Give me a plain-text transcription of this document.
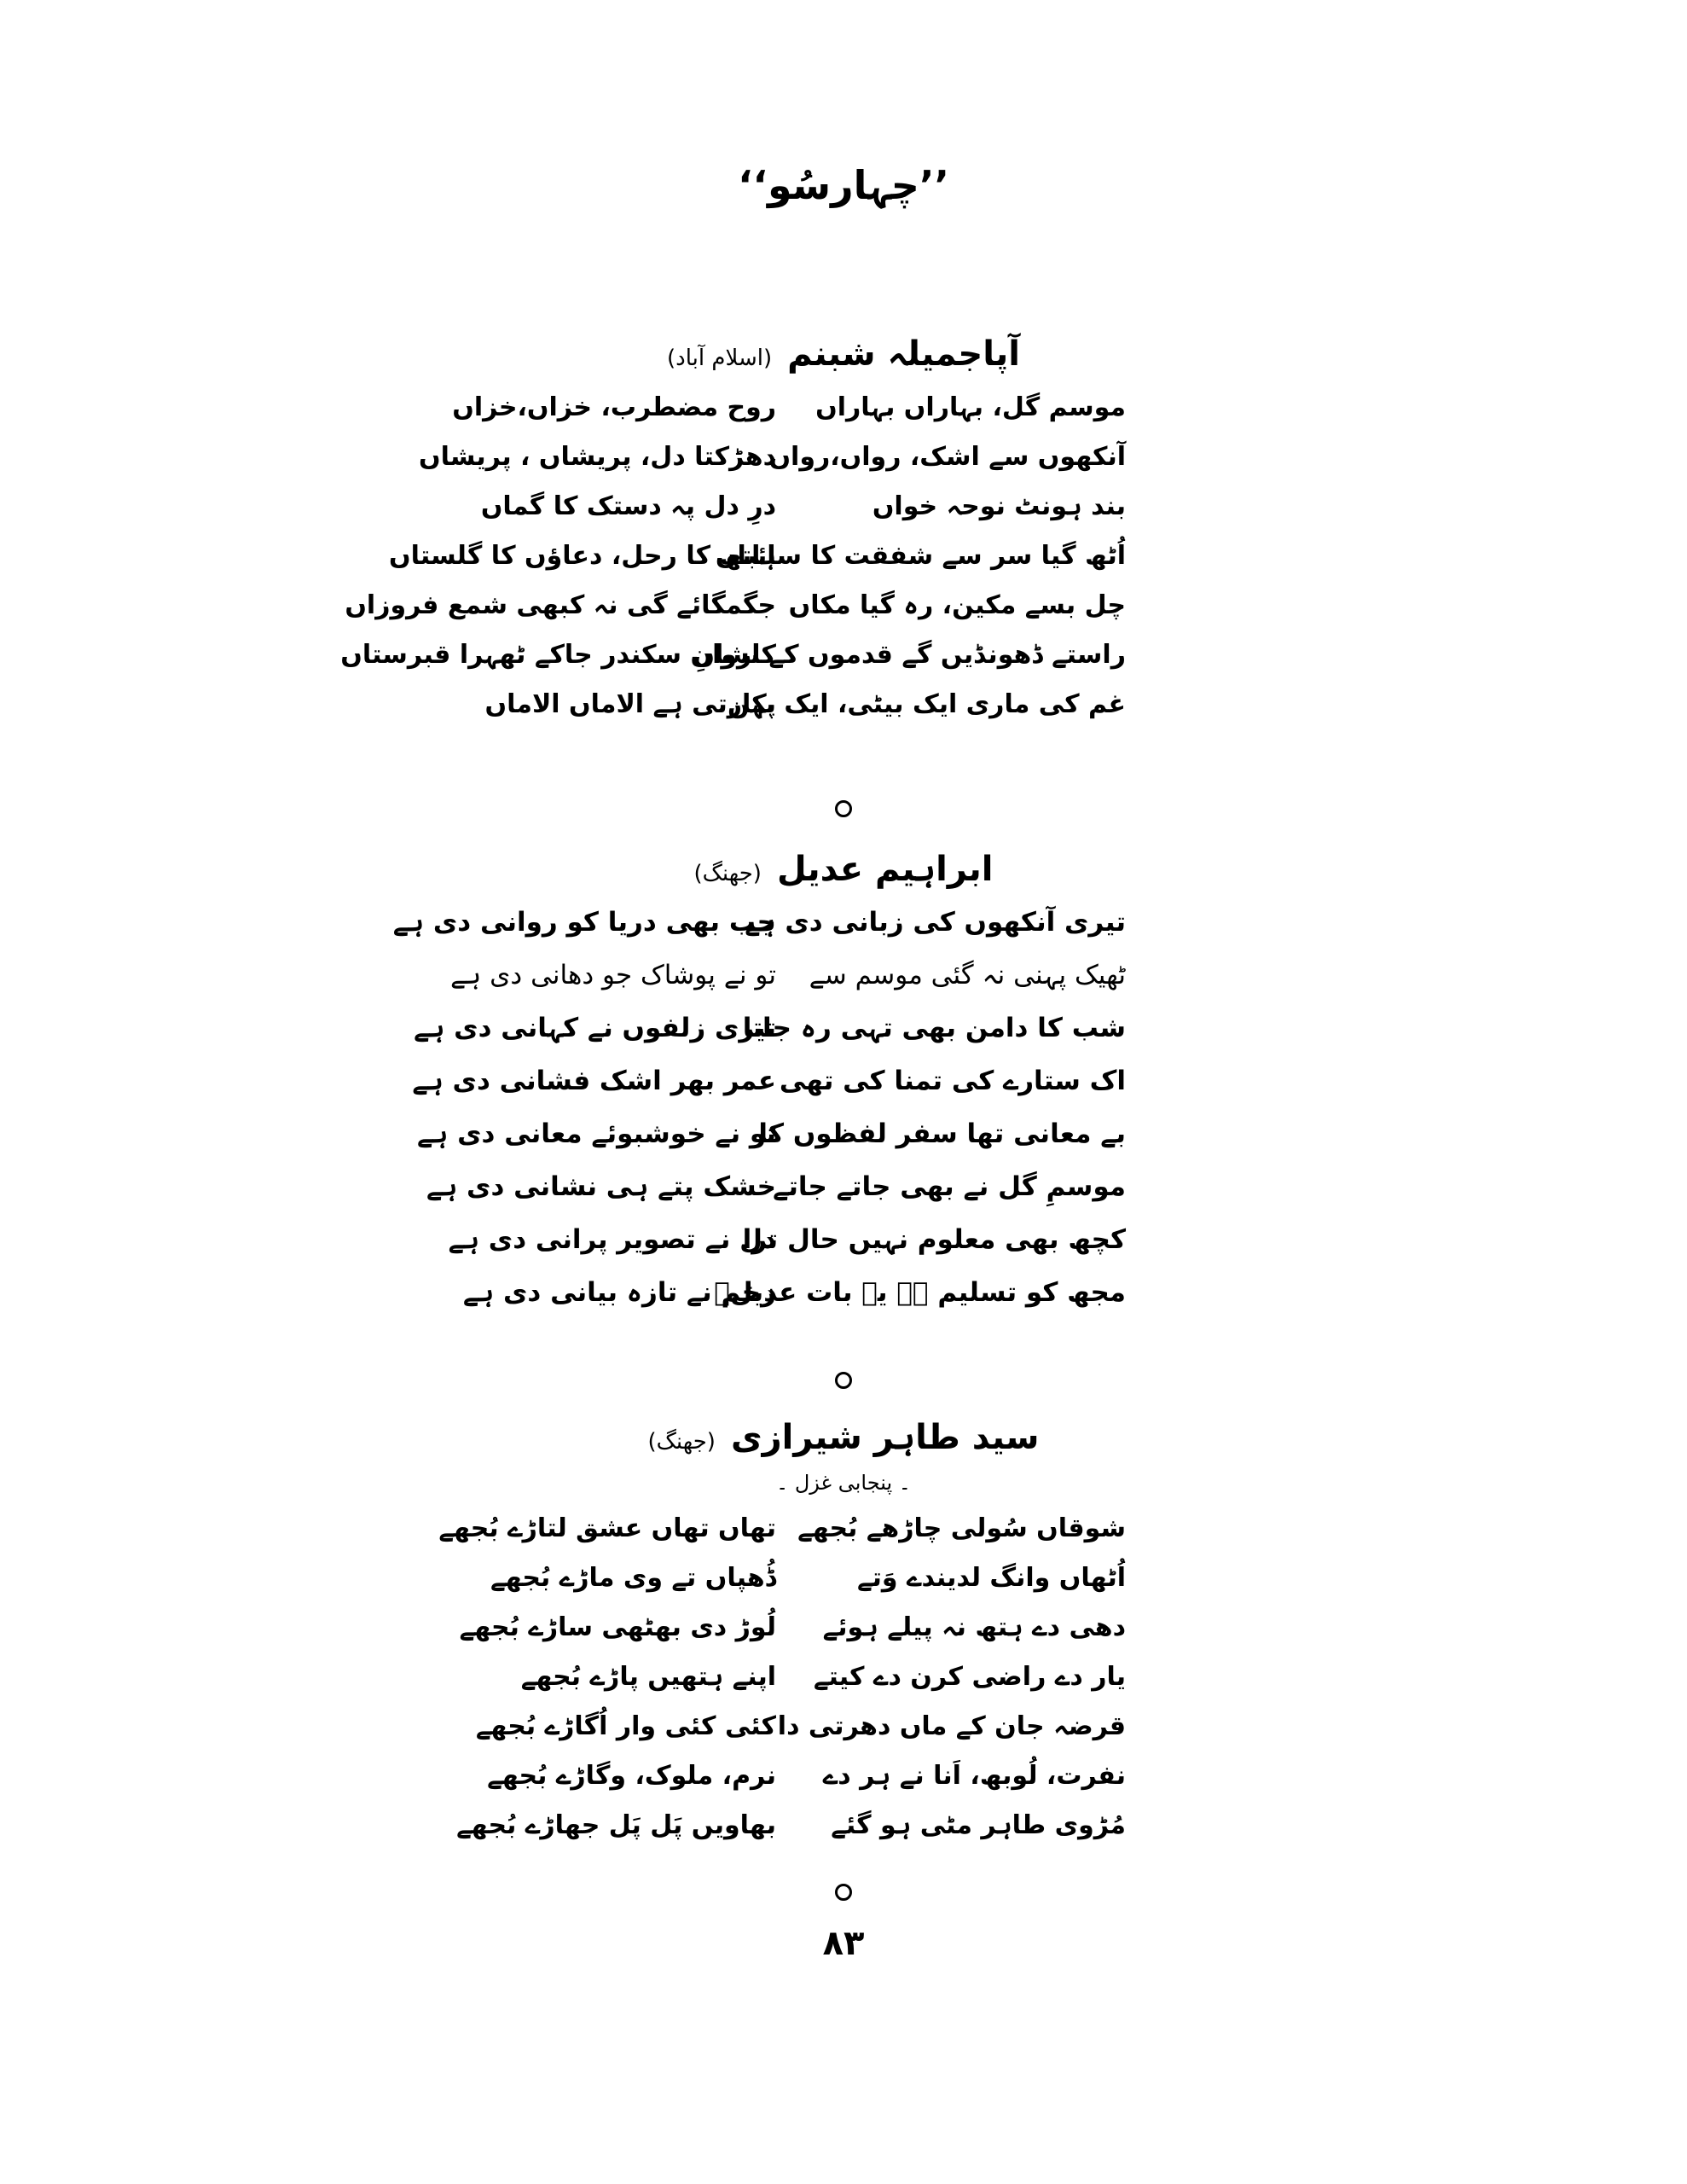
’’چہارسُو‘‘
آپاجمیلہ شبنم(اسلام آباد)
موسم گل، بہاراں بہاراں
روح مضطرب، خزاں،خزاں
آنکھوں سے اشک، رواں،رواں
دھڑکتا دل، پریشاں ، پریشاں
بند ہونٹ نوحہ خواں
درِ دل پہ دستک کا گماں
اُٹھ گیا سر سے شفقت کا سائباں
ہاتھ کا رحل، دعاؤں کا گلستاں
چل بسے مکین، رہ گیا مکاں
جگمگائے گی نہ کبھی شمع فروزاں
راستے ڈھونڈیں گے قدموں کے نشاں
کاروانِ سکندر جاکے ٹھہرا قبرستاں
غم کی ماری ایک بیٹی، ایک بہن
پکارتی ہے الاماں الاماں
ابراہیم عدیل(جھنگ)
تیری آنکھوں کی زبانی دی ہے
جب بھی دریا کو روانی دی ہے
ٹھیک پہنی نہ گئی موسم سے
تو نے پوشاک جو دھانی دی ہے
شب کا دامن بھی تہی رہ جاتا
تیری زلفوں نے کہانی دی ہے
اک ستارے کی تمنا کی تھی
عمر بھر اشک فشانی دی ہے
بے معانی تھا سفر لفظوں کا
تو نے خوشبوئے معانی دی ہے
موسمِ گل نے بھی جاتے جاتے
خشک پتے ہی نشانی دی ہے
کچھ بھی معلوم نہیں حال ترا
دل نے تصویر پرانی دی ہے
مجھ کو تسلیم ہے یہ بات عدیلؔ
زخم نے تازہ بیانی دی ہے
سید طاہر شیرازی(جھنگ)
۔ پنجابی غزل ۔
شوقاں سُولی چاڑھے بُجھے
تھاں تھاں عشق لتاڑے بُجھے
اُٹھاں وانگ لدیندے وَتے
ڈُھپاں تے وی ماڑے بُجھے
دھی دے ہتھ نہ پیلے ہوئے
لُوڑ دی بھٹھی ساڑے بُجھے
یار دے راضی کرن دے کیتے
اپنے ہتھیں پاڑے بُجھے
قرضہ جان کے ماں دھرتی دا
کئی کئی وار اُگاڑے بُجھے
نفرت، لُوبھ، اَنا نے ہر دے
نرم، ملوک، وگاڑے بُجھے
مُڑوی طاہر مٹی ہو گئے
بھاویں پَل پَل جھاڑے بُجھے
۸۳
